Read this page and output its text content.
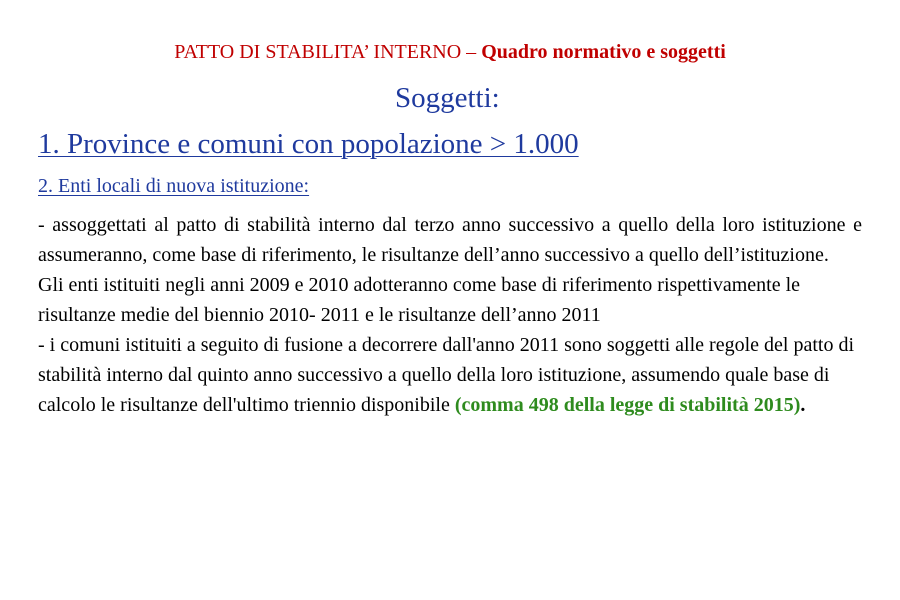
PATTO DI STABILITA’ INTERNO – Quadro normativo e soggetti
Soggetti:
1. Province e comuni con popolazione > 1.000
2. Enti locali di nuova istituzione:

- assoggettati al patto di stabilità interno dal terzo anno successivo a quello della loro istituzione e assumeranno, come base di riferimento, le risultanze dell’anno successivo a quello dell’istituzione.

Gli enti istituiti negli anni 2009 e 2010 adotteranno come base di riferimento rispettivamente le risultanze medie del biennio 2010- 2011 e le risultanze dell’anno 2011

- i comuni istituiti a seguito di fusione a decorrere dall'anno 2011 sono soggetti alle regole del patto di stabilità interno dal quinto anno successivo a quello della loro istituzione, assumendo quale base di calcolo le risultanze dell'ultimo triennio disponibile (comma 498 della legge di stabilità 2015).
